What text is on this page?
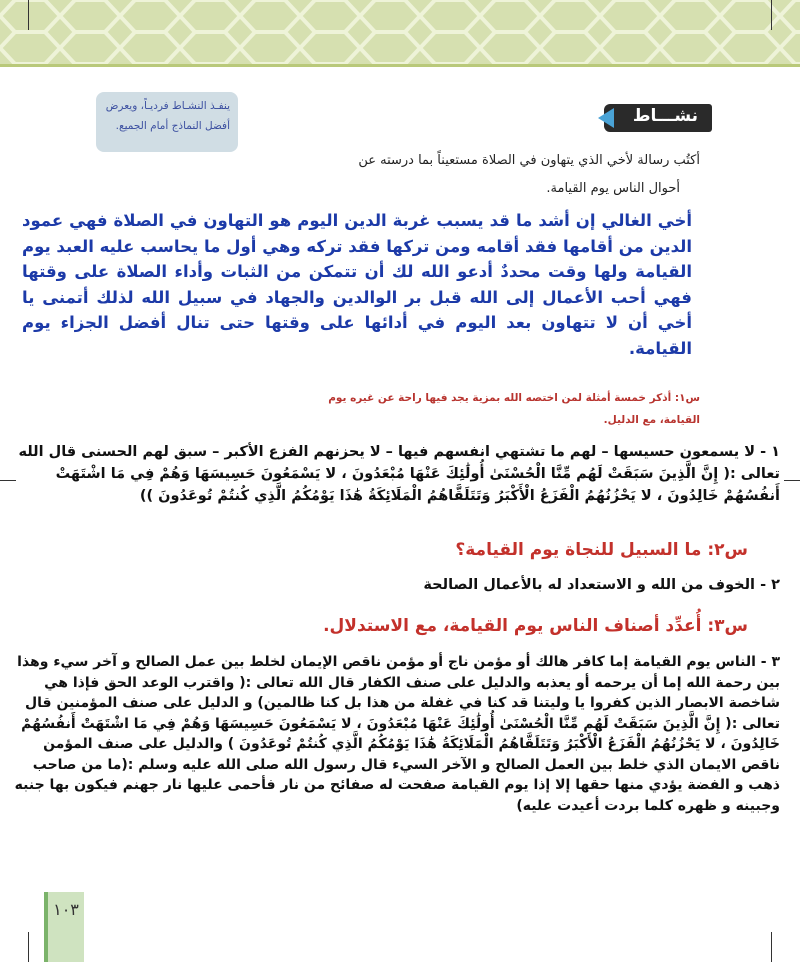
ينفـذ النشـاط فرديـاً، ويعرض أفضل النماذج أمام الجميع.	نشـــاط
أكتُب رسالة لأخي الذي يتهاون في الصلاة مستعيناً بما درسته عن
أحوال الناس يوم القيامة.
أخي الغالي إن أشد ما قد يسبب غربة الدين اليوم هو التهاون في الصلاة فهي عمود الدين من أقامها فقد أقامه ومن تركها فقد تركه وهي أول ما يحاسب عليه العبد يوم القيامة ولها وقت محددٌ أدعو الله لك أن تتمكن من الثبات وأداء الصلاة على وقتها فهي أحب الأعمال إلى الله قبل بر الوالدين والجهاد في سبيل الله لذلك أتمنى يا أخي أن لا تتهاون بعد اليوم في أدائها على وقتها حتى تنال أفضل الجزاء يوم القيامة.
س١: أذكر خمسة أمثلة لمن اختصه الله بمزية يجد فيها راحة عن غيره يوم
القيامة، مع الدليل.
١ - لا يسمعون حسيسها – لهم ما تشتهي انفسهم فيها – لا يحزنهم الفزع الأكبر – سبق لهم الحسنى قال الله تعالى :( إِنَّ الَّذِينَ سَبَقَتْ لَهُم مِّنَّا الْحُسْنَىٰ أُولَٰئِكَ عَنْهَا مُبْعَدُونَ ، لا يَسْمَعُونَ حَسِيسَهَا وَهُمْ فِي مَا اشْتَهَتْ أَنفُسُهُمْ خَالِدُونَ ، لا يَحْزُنُهُمُ الْفَزَعُ الْأَكْبَرُ وَتَتَلَقَّاهُمُ الْمَلَائِكَةُ هَٰذَا يَوْمُكُمُ الَّذِي كُنتُمْ تُوعَدُونَ ))
س٢: ما السبيل للنجاة يوم القيامة؟
٢ - الخوف من الله و الاستعداد له بالأعمال الصالحة
س٣: أُعدِّد أصناف الناس يوم القيامة، مع الاستدلال.
٣ - الناس يوم القيامة إما كافر هالك أو مؤمن ناج أو مؤمن ناقص الإيمان لخلط بين عمل الصالح و آخر سيء وهذا بين رحمة الله إما أن يرحمه أو يعذبه والدليل على صنف الكفار قال الله تعالى :( واقترب الوعد الحق فإذا هي شاخصة الابصار الذين كفروا يا وليتنا قد كنا في غفلة من هذا بل كنا ظالمين) و الدليل على صنف المؤمنين قال تعالى :( إِنَّ الَّذِينَ سَبَقَتْ لَهُم مِّنَّا الْحُسْنَىٰ أُولَٰئِكَ عَنْهَا مُبْعَدُونَ ، لا يَسْمَعُونَ حَسِيسَهَا وَهُمْ فِي مَا اشْتَهَتْ أَنفُسُهُمْ خَالِدُونَ ، لا يَحْزُنُهُمُ الْفَزَعُ الْأَكْبَرُ وَتَتَلَقَّاهُمُ الْمَلَائِكَةُ هَٰذَا يَوْمُكُمُ الَّذِي كُنتُمْ تُوعَدُونَ ) والدليل على صنف المؤمن ناقص الايمان الذي خلط بين العمل الصالح و الآخر السيء قال رسول الله صلى الله عليه وسلم :(ما من صاحب ذهب و الفضة يؤدي منها حقها إلا إذا يوم القيامة صفحت له صفائح من نار فأحمى عليها نار جهنم فيكون بها جنبه وجبينه و ظهره كلما بردت أعيدت عليه)
١٠٣
